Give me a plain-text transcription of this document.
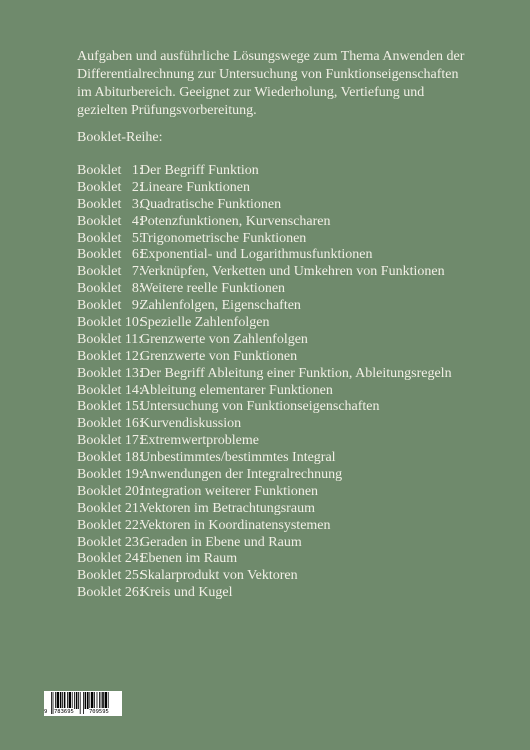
Aufgaben und ausführliche Lösungswege zum Thema Anwenden der
Differentialrechnung zur Untersuchung von Funktionseigenschaften
im Abiturbereich. Geeignet zur Wiederholung, Vertiefung und
gezielten Prüfungsvorbereitung.
Booklet-Reihe:
Booklet   1:
Der Begriff Funktion
Booklet   2:
Lineare Funktionen
Booklet   3:
Quadratische Funktionen
Booklet   4:
Potenzfunktionen, Kurvenscharen
Booklet   5:
Trigonometrische Funktionen
Booklet   6:
Exponential- und Logarithmusfunktionen
Booklet   7:
Verknüpfen, Verketten und Umkehren von Funktionen
Booklet   8:
Weitere reelle Funktionen
Booklet   9:
Zahlenfolgen, Eigenschaften
Booklet 10:
Spezielle Zahlenfolgen
Booklet 11:
Grenzwerte von Zahlenfolgen
Booklet 12:
Grenzwerte von Funktionen
Booklet 13:
Der Begriff Ableitung einer Funktion, Ableitungsregeln
Booklet 14:
Ableitung elementarer Funktionen
Booklet 15:
Untersuchung von Funktionseigenschaften
Booklet 16:
Kurvendiskussion
Booklet 17:
Extremwertprobleme
Booklet 18:
Unbestimmtes/bestimmtes Integral
Booklet 19:
Anwendungen der Integralrechnung
Booklet 20:
Integration weiterer Funktionen
Booklet 21:
Vektoren im Betrachtungsraum
Booklet 22:
Vektoren in Koordinatensystemen
Booklet 23:
Geraden in Ebene und Raum
Booklet 24:
Ebenen im Raum
Booklet 25:
Skalarprodukt von Vektoren
Booklet 26:
Kreis und Kugel
9 783695	709595
